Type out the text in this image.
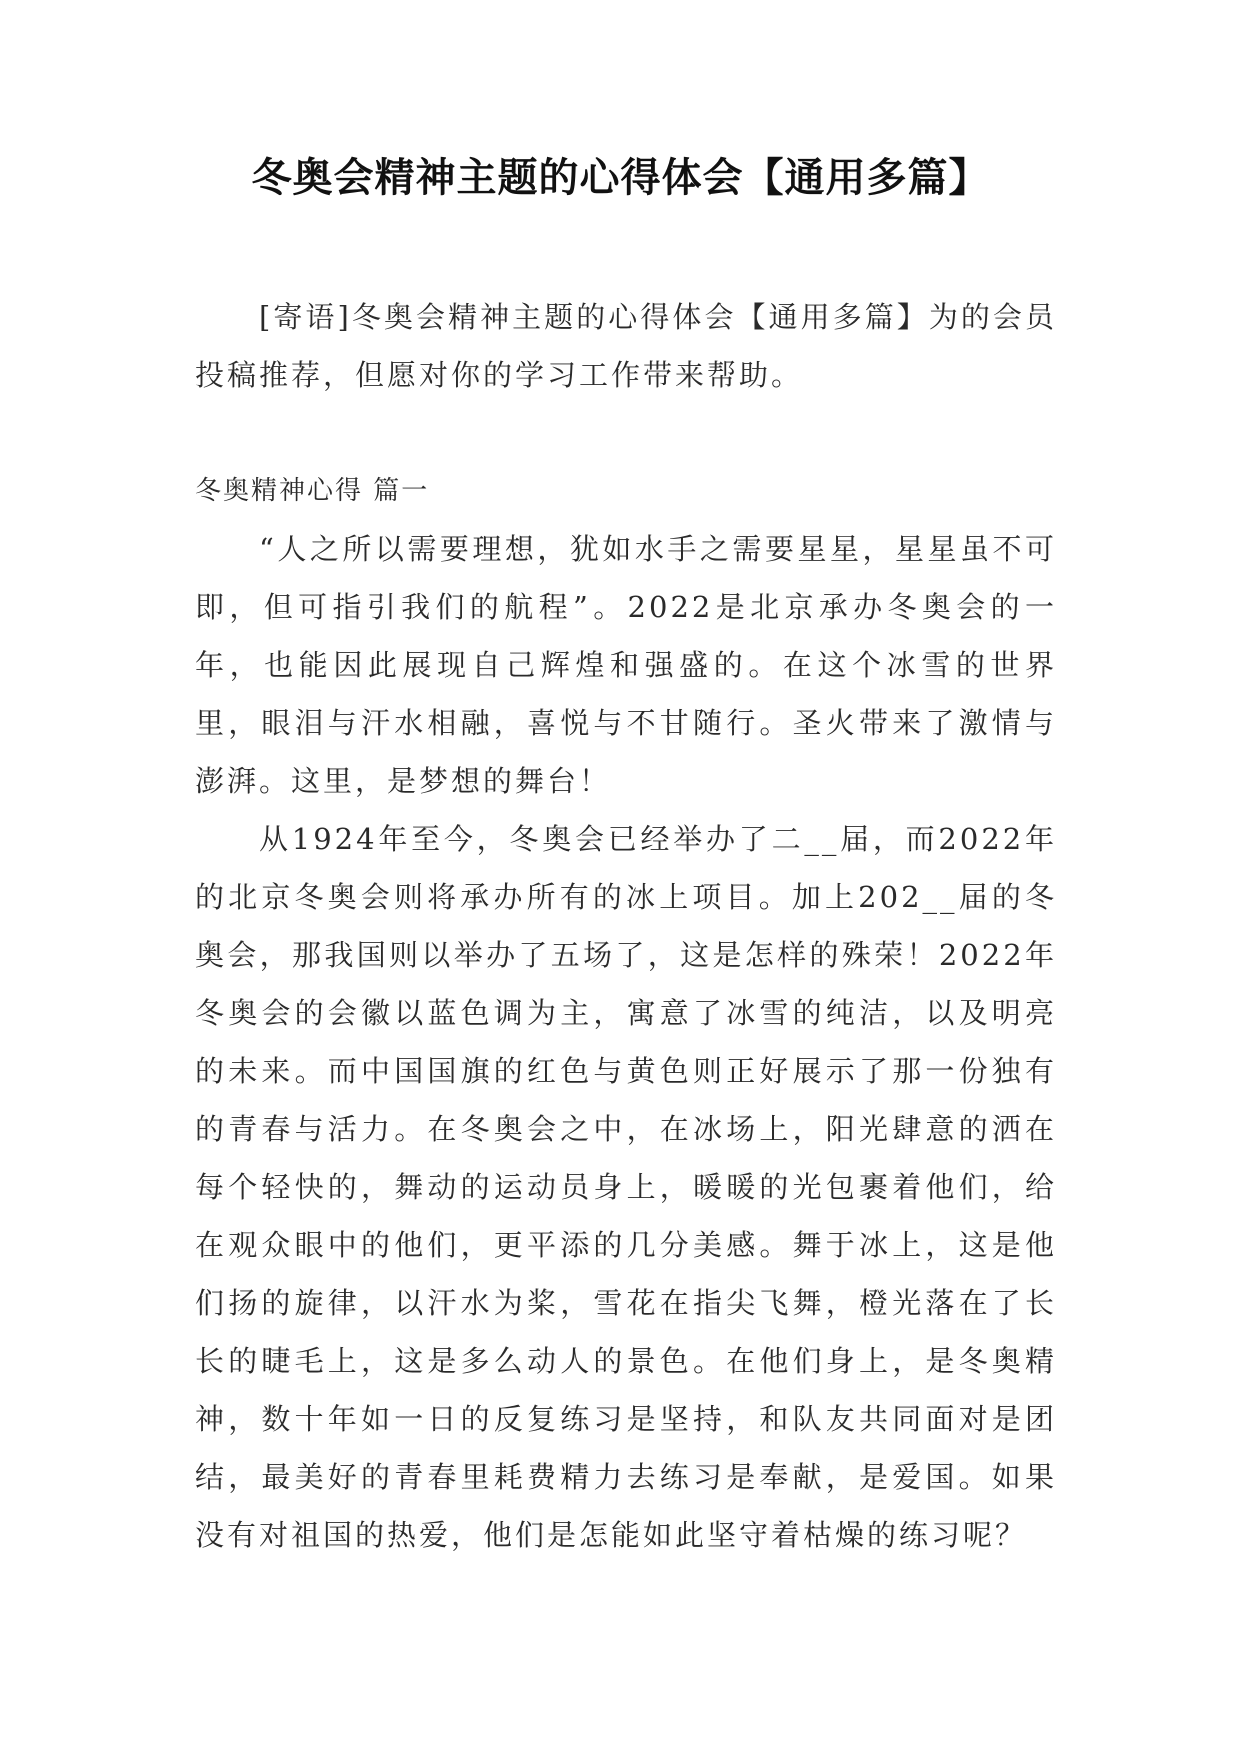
冬奥会精神主题的心得体会【通用多篇】

[寄语]冬奥会精神主题的心得体会【通用多篇】为的会员投稿推荐，但愿对你的学习工作带来帮助。

冬奥精神心得 篇一

“人之所以需要理想，犹如水手之需要星星，星星虽不可即，但可指引我们的航程”。2022是北京承办冬奥会的一年，也能因此展现自己辉煌和强盛的。在这个冰雪的世界里，眼泪与汗水相融，喜悦与不甘随行。圣火带来了激情与澎湃。这里，是梦想的舞台！

从1924年至今，冬奥会已经举办了二__届，而2022年的北京冬奥会则将承办所有的冰上项目。加上202__届的冬奥会，那我国则以举办了五场了，这是怎样的殊荣！2022年冬奥会的会徽以蓝色调为主，寓意了冰雪的纯洁，以及明亮的未来。而中国国旗的红色与黄色则正好展示了那一份独有的青春与活力。在冬奥会之中，在冰场上，阳光肆意的洒在每个轻快的，舞动的运动员身上，暖暖的光包裹着他们，给在观众眼中的他们，更平添的几分美感。舞于冰上，这是他们扬的旋律，以汗水为桨，雪花在指尖飞舞，橙光落在了长长的睫毛上，这是多么动人的景色。在他们身上，是冬奥精神，数十年如一日的反复练习是坚持，和队友共同面对是团结，最美好的青春里耗费精力去练习是奉献，是爱国。如果没有对祖国的热爱，他们是怎能如此坚守着枯燥的练习呢？
